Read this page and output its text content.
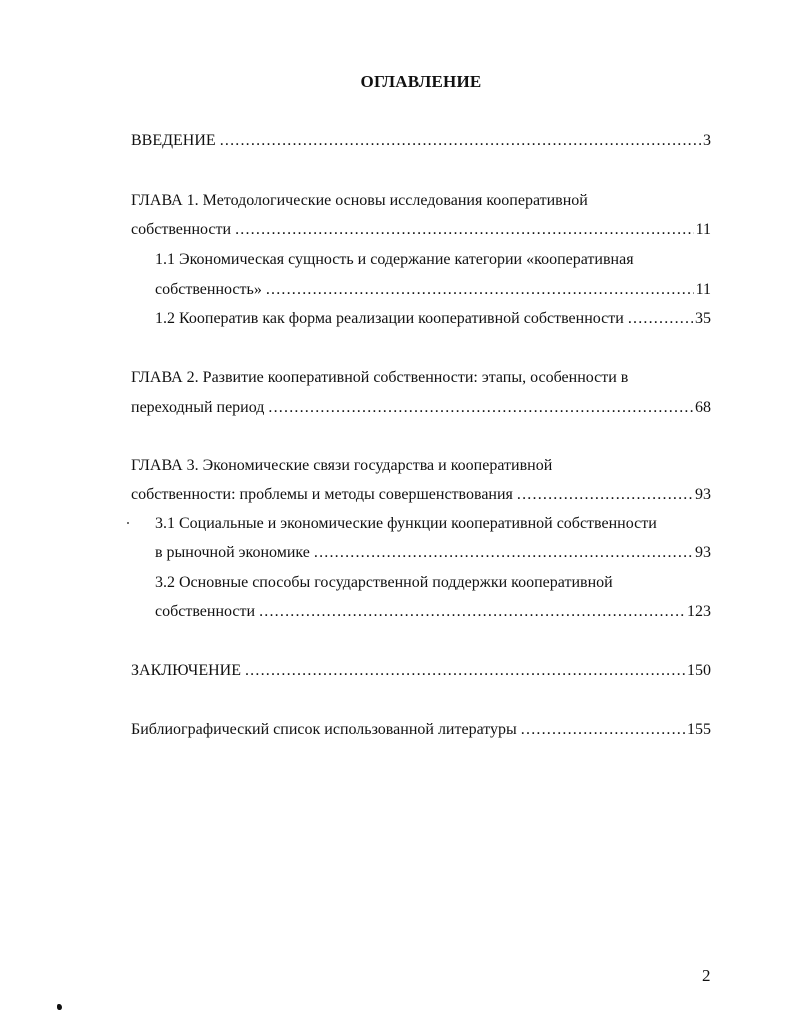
ОГЛАВЛЕНИЕ
ВВЕДЕНИЕ .....	3
ГЛАВА 1. Методологические основы исследования кооперативной
собственности .....	11
1.1 Экономическая сущность и содержание категории «кооперативная
собственность» .....	11
1.2 Кооператив как форма реализации кооперативной собственности .....	35
ГЛАВА 2. Развитие кооперативной собственности: этапы, особенности в
переходный период .....	68
ГЛАВА 3. Экономические связи государства и кооперативной
собственности: проблемы и методы совершенствования .....	93
3.1 Социальные и экономические функции кооперативной собственности
в рыночной экономике .....	93
3.2 Основные способы государственной поддержки кооперативной
собственности .....	123
ЗАКЛЮЧЕНИЕ .....	150
Библиографический список использованной литературы .....	155
2
